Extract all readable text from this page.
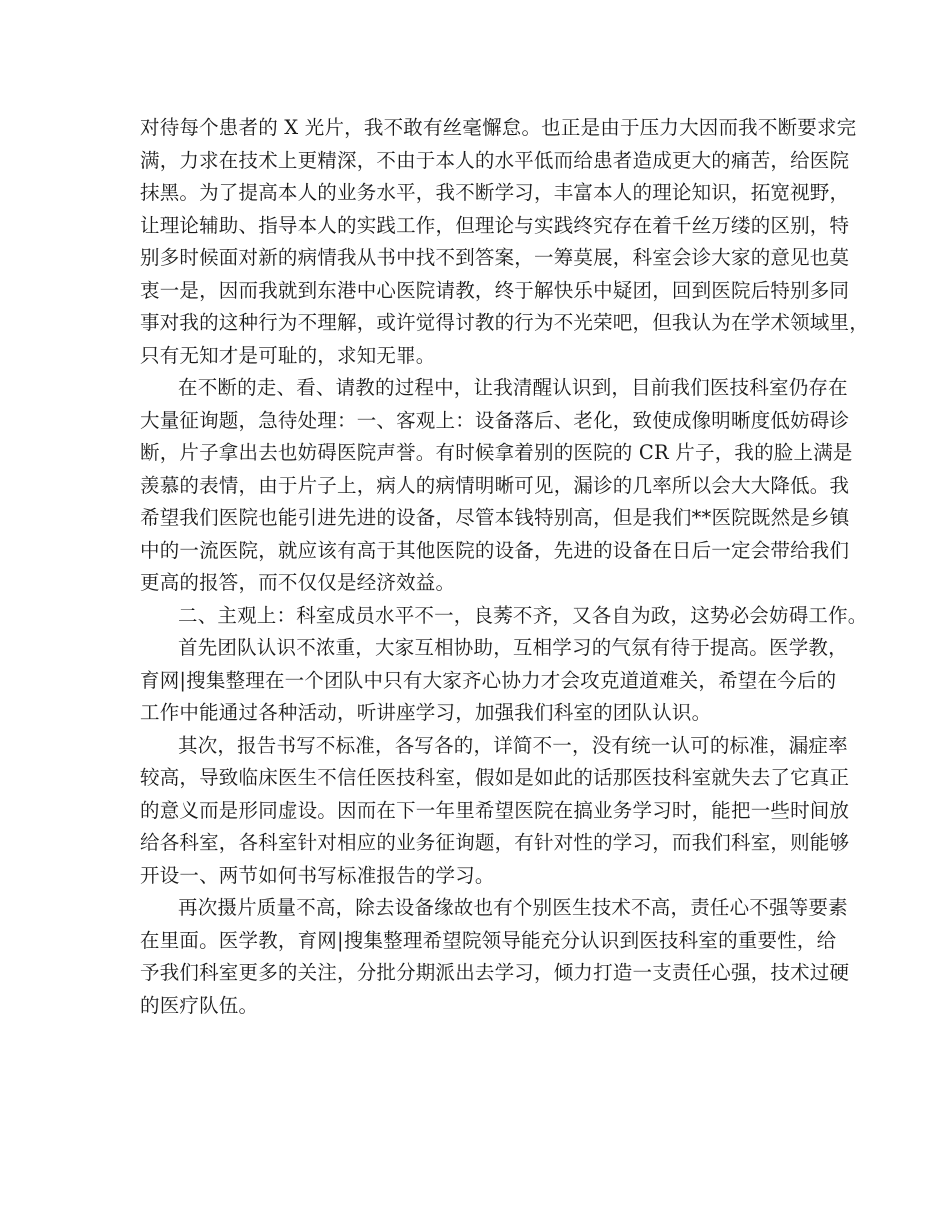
对待每个患者的 X 光片，我不敢有丝毫懈怠。也正是由于压力大因而我不断要求完
满，力求在技术上更精深，不由于本人的水平低而给患者造成更大的痛苦，给医院
抹黑。为了提高本人的业务水平，我不断学习，丰富本人的理论知识，拓宽视野，
让理论辅助、指导本人的实践工作，但理论与实践终究存在着千丝万缕的区别，特
别多时候面对新的病情我从书中找不到答案，一筹莫展，科室会诊大家的意见也莫
衷一是，因而我就到东港中心医院请教，终于解快乐中疑团，回到医院后特别多同
事对我的这种行为不理解，或许觉得讨教的行为不光荣吧，但我认为在学术领域里，
只有无知才是可耻的，求知无罪。
在不断的走、看、请教的过程中，让我清醒认识到，目前我们医技科室仍存在
大量征询题，急待处理：一、客观上：设备落后、老化，致使成像明晰度低妨碍诊
断，片子拿出去也妨碍医院声誉。有时候拿着别的医院的 CR 片子，我的脸上满是
羡慕的表情，由于片子上，病人的病情明晰可见，漏诊的几率所以会大大降低。我
希望我们医院也能引进先进的设备，尽管本钱特别高，但是我们**医院既然是乡镇
中的一流医院，就应该有高于其他医院的设备，先进的设备在日后一定会带给我们
更高的报答，而不仅仅是经济效益。
二、主观上：科室成员水平不一，良莠不齐，又各自为政，这势必会妨碍工作。
首先团队认识不浓重，大家互相协助，互相学习的气氛有待于提高。医学教，
育网|搜集整理在一个团队中只有大家齐心协力才会攻克道道难关，希望在今后的
工作中能通过各种活动，听讲座学习，加强我们科室的团队认识。
其次，报告书写不标准，各写各的，详简不一，没有统一认可的标准，漏症率
较高，导致临床医生不信任医技科室，假如是如此的话那医技科室就失去了它真正
的意义而是形同虚设。因而在下一年里希望医院在搞业务学习时，能把一些时间放
给各科室，各科室针对相应的业务征询题，有针对性的学习，而我们科室，则能够
开设一、两节如何书写标准报告的学习。
再次摄片质量不高，除去设备缘故也有个别医生技术不高，责任心不强等要素
在里面。医学教，育网|搜集整理希望院领导能充分认识到医技科室的重要性，给
予我们科室更多的关注，分批分期派出去学习，倾力打造一支责任心强，技术过硬
的医疗队伍。
